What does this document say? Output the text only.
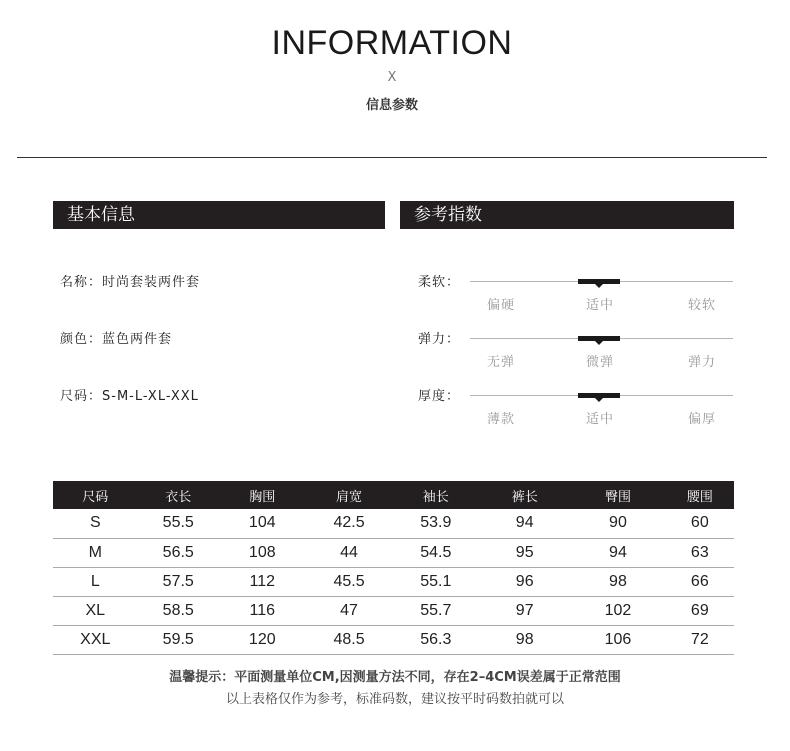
INFORMATION
X
信息参数
基本信息	参考指数
名称：时尚套装两件套
颜色：蓝色两件套
尺码：S-M-L-XL-XXL
柔软：
偏硬	适中	较软
弹力：
无弹	微弹	弹力
厚度：
薄款	适中	偏厚
尺码	衣长	胸围	肩宽	袖长	裤长	臀围	腰围
S	55.5	104	42.5	53.9	94	90	60
M	56.5	108	44	54.5	95	94	63
L	57.5	112	45.5	55.1	96	98	66
XL	58.5	116	47	55.7	97	102	69
XXL	59.5	120	48.5	56.3	98	106	72
温馨提示：平面测量单位CM,因测量方法不同，存在2–4CM误差属于正常范围
以上表格仅作为参考，标准码数，建议按平时码数拍就可以
